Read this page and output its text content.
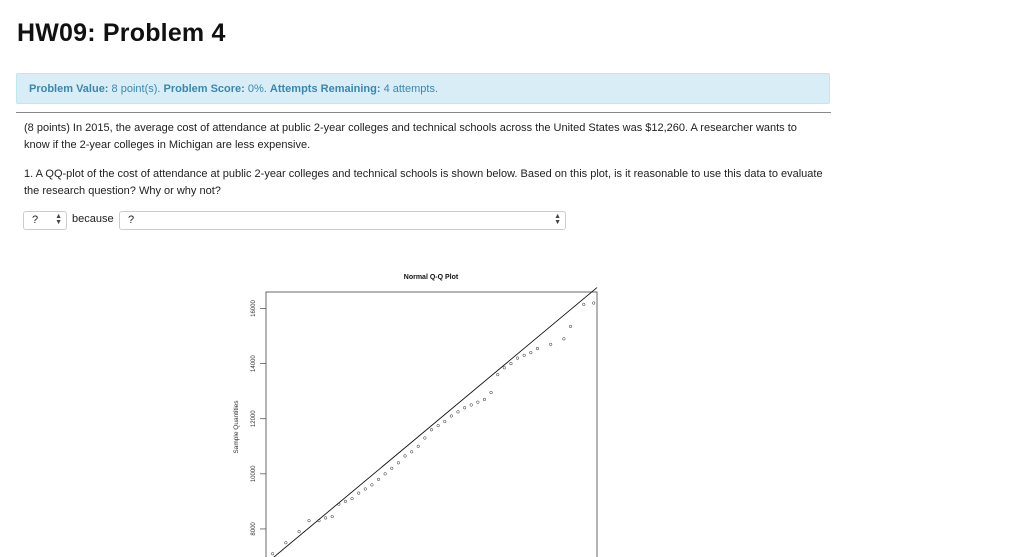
HW09: Problem 4
Problem Value: 8 point(s). Problem Score: 0%. Attempts Remaining: 4 attempts.
(8 points) In 2015, the average cost of attendance at public 2-year colleges and technical schools across the United States was $12,260. A researcher wants to know if the 2-year colleges in Michigan are less expensive.
1. A QQ-plot of the cost of attendance at public 2-year colleges and technical schools is shown below. Based on this plot, is it reasonable to use this data to evaluate the research question? Why or why not?
? ▲
▼ because	?	▲
▼
Normal Q-Q Plot
Sample Quantities
8000
10000
12000
14000
16000
